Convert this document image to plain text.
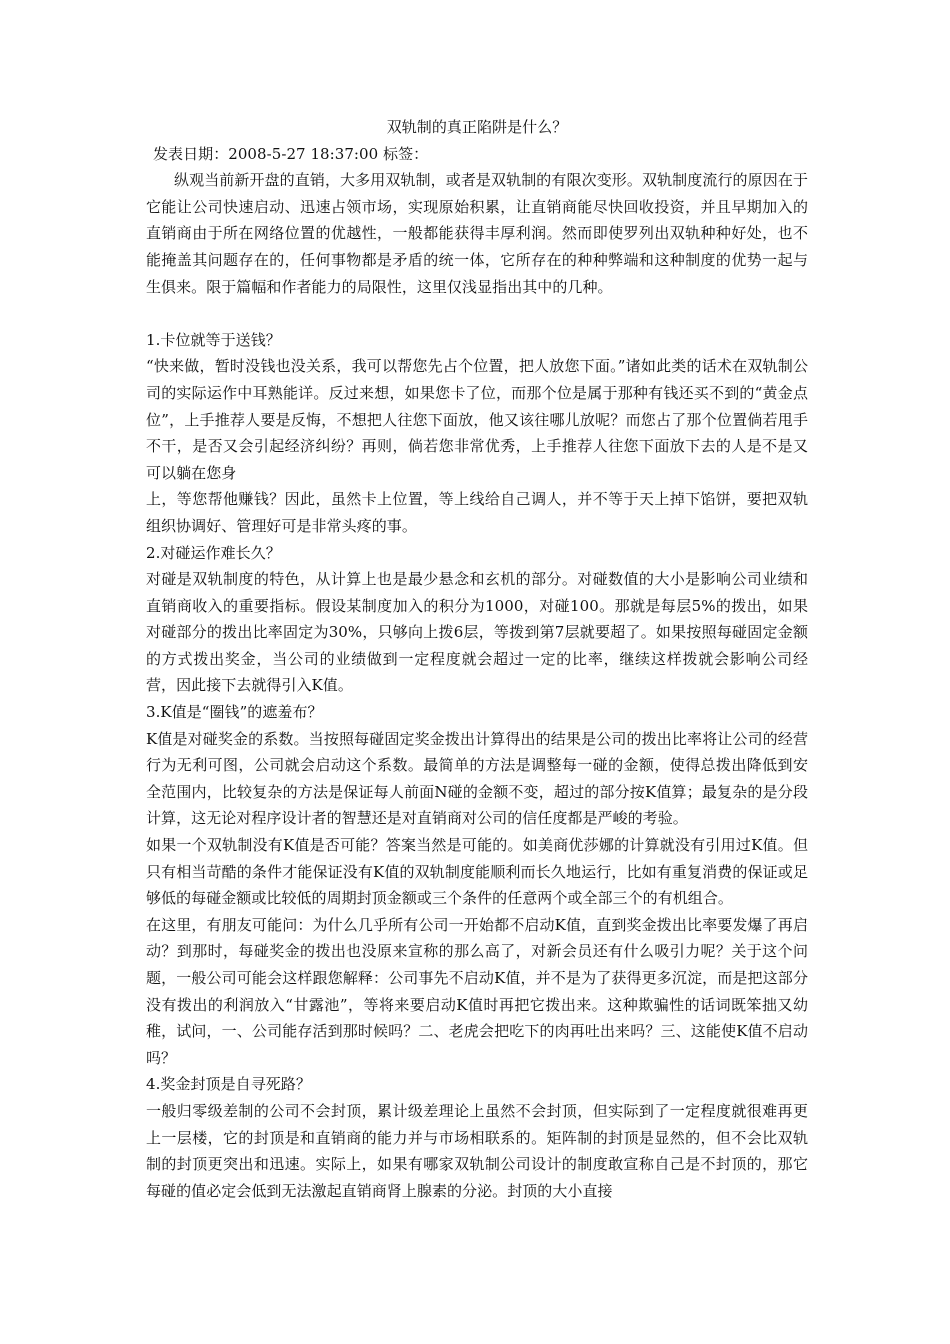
双轨制的真正陷阱是什么？

发表日期：2008-5-27 18:37:00 标签：

纵观当前新开盘的直销，大多用双轨制，或者是双轨制的有限次变形。双轨制度流行的原因在于它能让公司快速启动、迅速占领市场，实现原始积累，让直销商能尽快回收投资，并且早期加入的直销商由于所在网络位置的优越性，一般都能获得丰厚利润。然而即使罗列出双轨种种好处，也不能掩盖其问题存在的，任何事物都是矛盾的统一体，它所存在的种种弊端和这种制度的优势一起与生俱来。限于篇幅和作者能力的局限性，这里仅浅显指出其中的几种。

1.卡位就等于送钱？

“快来做，暂时没钱也没关系，我可以帮您先占个位置，把人放您下面。”诸如此类的话术在双轨制公司的实际运作中耳熟能详。反过来想，如果您卡了位，而那个位是属于那种有钱还买不到的“黄金点位”，上手推荐人要是反悔，不想把人往您下面放，他又该往哪儿放呢？而您占了那个位置倘若甩手不干，是否又会引起经济纠纷？再则，倘若您非常优秀，上手推荐人往您下面放下去的人是不是又可以躺在您身

上，等您帮他赚钱？因此，虽然卡上位置，等上线给自己调人，并不等于天上掉下馅饼，要把双轨组织协调好、管理好可是非常头疼的事。

2.对碰运作难长久？

对碰是双轨制度的特色，从计算上也是最少悬念和玄机的部分。对碰数值的大小是影响公司业绩和直销商收入的重要指标。假设某制度加入的积分为1000，对碰100。那就是每层5%的拨出，如果对碰部分的拨出比率固定为30%，只够向上拨6层，等拨到第7层就要超了。如果按照每碰固定金额的方式拨出奖金，当公司的业绩做到一定程度就会超过一定的比率，继续这样拨就会影响公司经营，因此接下去就得引入K值。

3.K值是“圈钱”的遮羞布？

K值是对碰奖金的系数。当按照每碰固定奖金拨出计算得出的结果是公司的拨出比率将让公司的经营行为无利可图，公司就会启动这个系数。最简单的方法是调整每一碰的金额，使得总拨出降低到安全范围内，比较复杂的方法是保证每人前面N碰的金额不变，超过的部分按K值算；最复杂的是分段计算，这无论对程序设计者的智慧还是对直销商对公司的信任度都是严峻的考验。

如果一个双轨制没有K值是否可能？答案当然是可能的。如美商优莎娜的计算就没有引用过K值。但只有相当苛酷的条件才能保证没有K值的双轨制度能顺利而长久地运行，比如有重复消费的保证或足够低的每碰金额或比较低的周期封顶金额或三个条件的任意两个或全部三个的有机组合。

在这里，有朋友可能问：为什么几乎所有公司一开始都不启动K值，直到奖金拨出比率要发爆了再启动？到那时，每碰奖金的拨出也没原来宣称的那么高了，对新会员还有什么吸引力呢？关于这个问题，一般公司可能会这样跟您解释：公司事先不启动K值，并不是为了获得更多沉淀，而是把这部分没有拨出的利润放入“甘露池”，等将来要启动K值时再把它拨出来。这种欺骗性的话词既笨拙又幼稚，试问，一、公司能存活到那时候吗？二、老虎会把吃下的肉再吐出来吗？三、这能使K值不启动吗？

4.奖金封顶是自寻死路？

一般归零级差制的公司不会封顶，累计级差理论上虽然不会封顶，但实际到了一定程度就很难再更上一层楼，它的封顶是和直销商的能力并与市场相联系的。矩阵制的封顶是显然的，但不会比双轨制的封顶更突出和迅速。实际上，如果有哪家双轨制公司设计的制度敢宣称自己是不封顶的，那它每碰的值必定会低到无法激起直销商肾上腺素的分泌。封顶的大小直接
